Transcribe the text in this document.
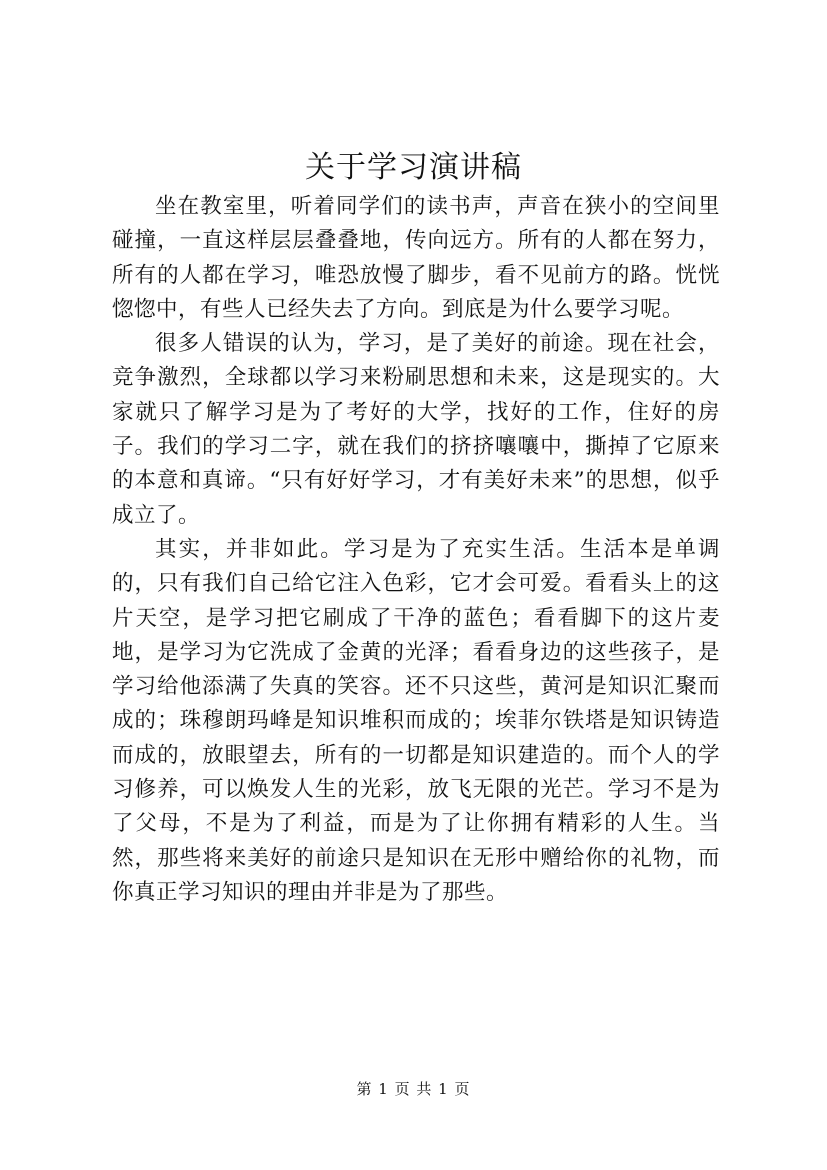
关于学习演讲稿

坐在教室里，听着同学们的读书声，声音在狭小的空间里碰撞，一直这样层层叠叠地，传向远方。所有的人都在努力，所有的人都在学习，唯恐放慢了脚步，看不见前方的路。恍恍惚惚中，有些人已经失去了方向。到底是为什么要学习呢。

很多人错误的认为，学习，是了美好的前途。现在社会，竞争激烈，全球都以学习来粉刷思想和未来，这是现实的。大家就只了解学习是为了考好的大学，找好的工作，住好的房子。我们的学习二字，就在我们的挤挤嚷嚷中，撕掉了它原来的本意和真谛。“只有好好学习，才有美好未来”的思想，似乎成立了。

其实，并非如此。学习是为了充实生活。生活本是单调的，只有我们自己给它注入色彩，它才会可爱。看看头上的这片天空，是学习把它刷成了干净的蓝色；看看脚下的这片麦地，是学习为它洗成了金黄的光泽；看看身边的这些孩子，是学习给他添满了失真的笑容。还不只这些，黄河是知识汇聚而成的；珠穆朗玛峰是知识堆积而成的；埃菲尔铁塔是知识铸造而成的，放眼望去，所有的一切都是知识建造的。而个人的学习修养，可以焕发人生的光彩，放飞无限的光芒。学习不是为了父母，不是为了利益，而是为了让你拥有精彩的人生。当然，那些将来美好的前途只是知识在无形中赠给你的礼物，而你真正学习知识的理由并非是为了那些。

第 1 页 共 1 页
